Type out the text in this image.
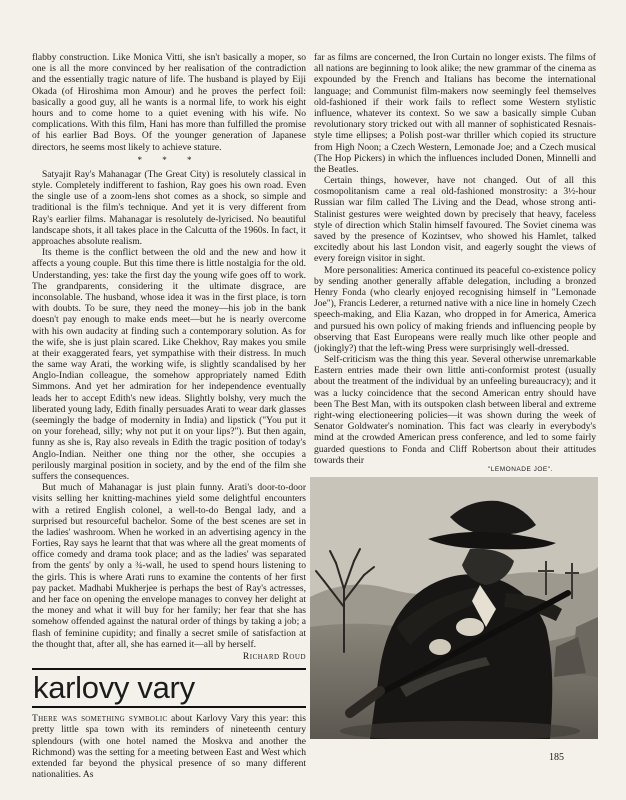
flabby construction. Like Monica Vitti, she isn't basically a moper, so one is all the more convinced by her realisation of the contradiction and the essentially tragic nature of life. The husband is played by Eiji Okada (of Hiroshima mon Amour) and he proves the perfect foil: basically a good guy, all he wants is a normal life, to work his eight hours and to come home to a quiet evening with his wife. No complications. With this film, Hani has more than fulfilled the promise of his earlier Bad Boys. Of the younger generation of Japanese directors, he seems most likely to achieve stature.

* * *

Satyajit Ray's Mahanagar (The Great City) is resolutely classical in style. Completely indifferent to fashion, Ray goes his own road. Even the single use of a zoom-lens shot comes as a shock, so simple and traditional is the film's technique. And yet it is very different from Ray's earlier films. Mahanagar is resolutely de-lyricised. No beautiful landscape shots, it all takes place in the Calcutta of the 1960s. In fact, it approaches absolute realism.

Its theme is the conflict between the old and the new and how it affects a young couple. But this time there is little nostalgia for the old. Understanding, yes: take the first day the young wife goes off to work. The grandparents, considering it the ultimate disgrace, are inconsolable. The husband, whose idea it was in the first place, is torn with doubts. To be sure, they need the money—his job in the bank doesn't pay enough to make ends meet—but he is nearly overcome with his own audacity at finding such a contemporary solution. As for the wife, she is just plain scared. Like Chekhov, Ray makes you smile at their exaggerated fears, yet sympathise with their distress. In much the same way Arati, the working wife, is slightly scandalised by her Anglo-Indian colleague, the somehow appropriately named Edith Simmons. And yet her admiration for her independence eventually leads her to accept Edith's new ideas. Slightly bolshy, very much the liberated young lady, Edith finally persuades Arati to wear dark glasses (seemingly the badge of modernity in India) and lipstick ("You put it on your forehead, silly; why not put it on your lips?"). But then again, funny as she is, Ray also reveals in Edith the tragic position of today's Anglo-Indian. Neither one thing nor the other, she occupies a perilously marginal position in society, and by the end of the film she suffers the consequences.

But much of Mahanagar is just plain funny. Arati's door-to-door visits selling her knitting-machines yield some delightful encounters with a retired English colonel, a well-to-do Bengal lady, and a surprised but resourceful bachelor. Some of the best scenes are set in the ladies' washroom. When he worked in an advertising agency in the Forties, Ray says he learnt that that was where all the great moments of office comedy and drama took place; and as the ladies' was separated from the gents' by only a ¾-wall, he used to spend hours listening to the girls. This is where Arati runs to examine the contents of her first pay packet. Madhabi Mukherjee is perhaps the best of Ray's actresses, and her face on opening the envelope manages to convey her delight at the money and what it will buy for her family; her fear that she has somehow offended against the natural order of things by taking a job; a flash of feminine cupidity; and finally a secret smile of satisfaction at the thought that, after all, she has earned it—all by herself.

Richard Roud
karlovy vary

There was something symbolic about Karlovy Vary this year: this pretty little spa town with its reminders of nineteenth century splendours (with one hotel named the Moskva and another the Richmond) was the setting for a meeting between East and West which extended far beyond the physical presence of so many different nationalities. As

far as films are concerned, the Iron Curtain no longer exists. The films of all nations are beginning to look alike; the new grammar of the cinema as expounded by the French and Italians has become the international language; and Communist film-makers now seemingly feel themselves old-fashioned if their work fails to reflect some Western stylistic influence, whatever its context. So we saw a basically simple Cuban revolutionary story tricked out with all manner of sophisticated Resnais-style time ellipses; a Polish post-war thriller which copied its structure from High Noon; a Czech Western, Lemonade Joe; and a Czech musical (The Hop Pickers) in which the influences included Donen, Minnelli and the Beatles.

Certain things, however, have not changed. Out of all this cosmopolitanism came a real old-fashioned monstrosity: a 3½-hour Russian war film called The Living and the Dead, whose strong anti-Stalinist gestures were weighted down by precisely that heavy, faceless style of direction which Stalin himself favoured. The Soviet cinema was saved by the presence of Kozintsev, who showed his Hamlet, talked excitedly about his last London visit, and eagerly sought the views of every foreign visitor in sight.

More personalities: America continued its peaceful co-existence policy by sending another generally affable delegation, including a bronzed Henry Fonda (who clearly enjoyed recognising himself in "Lemonade Joe"), Francis Lederer, a returned native with a nice line in homely Czech speech-making, and Elia Kazan, who dropped in for America, America and pursued his own policy of making friends and influencing people by observing that East Europeans were really much like other people and (jokingly?) that the left-wing Press were surprisingly well-dressed.

Self-criticism was the thing this year. Several otherwise unremarkable Eastern entries made their own little anti-conformist protest (usually about the treatment of the individual by an unfeeling bureaucracy); and it was a lucky coincidence that the second American entry should have been The Best Man, with its outspoken clash between liberal and extreme right-wing electioneering policies—it was shown during the week of Senator Goldwater's nomination. This fact was clearly in everybody's mind at the crowded American press conference, and led to some fairly guarded questions to Fonda and Cliff Robertson about their attitudes towards their

"LEMONADE JOE".
185
